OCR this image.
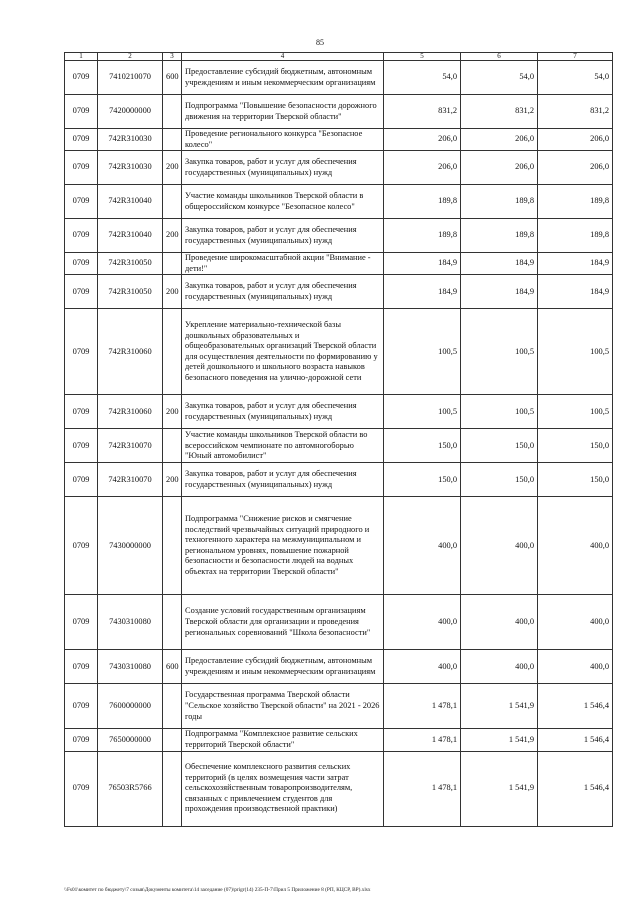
85
1	2	3	4	5	6	7
0709	7410210070	600	Предоставление субсидий бюджетным, автономным учреждениям и иным некоммерческим организациям	54,0	54,0	54,0
0709	7420000000		Подпрограмма "Повышение безопасности дорожного движения на территории Тверской области"	831,2	831,2	831,2
0709	742R310030		Проведение регионального конкурса "Безопасное колесо"	206,0	206,0	206,0
0709	742R310030	200	Закупка товаров, работ и услуг для обеспечения государственных (муниципальных) нужд	206,0	206,0	206,0
0709	742R310040		Участие команды школьников Тверской области в общероссийском конкурсе "Безопасное колесо"	189,8	189,8	189,8
0709	742R310040	200	Закупка товаров, работ и услуг для обеспечения государственных (муниципальных) нужд	189,8	189,8	189,8
0709	742R310050		Проведение широкомасштабной акции "Внимание - дети!"	184,9	184,9	184,9
0709	742R310050	200	Закупка товаров, работ и услуг для обеспечения государственных (муниципальных) нужд	184,9	184,9	184,9
0709	742R310060		Укрепление материально-технической базы дошкольных образовательных и общеобразовательных организаций Тверской области для осуществления деятельности по формированию у детей дошкольного и школьного возраста навыков безопасного поведения на улично-дорожной сети	100,5	100,5	100,5
0709	742R310060	200	Закупка товаров, работ и услуг для обеспечения государственных (муниципальных) нужд	100,5	100,5	100,5
0709	742R310070		Участие команды школьников Тверской области во всероссийском чемпионате по автомногоборью "Юный автомобилист"	150,0	150,0	150,0
0709	742R310070	200	Закупка товаров, работ и услуг для обеспечения государственных (муниципальных) нужд	150,0	150,0	150,0
0709	7430000000		Подпрограмма "Снижение рисков и смягчение последствий чрезвычайных ситуаций природного и техногенного характера на межмуниципальном и региональном уровнях, повышение пожарной безопасности и безопасности людей на водных объектах на территории Тверской области"	400,0	400,0	400,0
0709	7430310080		Создание условий государственным организациям Тверской области для организации и проведения региональных соревнований "Школа безопасности"	400,0	400,0	400,0
0709	7430310080	600	Предоставление субсидий бюджетным, автономным учреждениям и иным некоммерческим организациям	400,0	400,0	400,0
0709	7600000000		Государственная программа Тверской области "Сельское хозяйство Тверской области" на 2021 - 2026 годы	1 478,1	1 541,9	1 546,4
0709	7650000000		Подпрограмма "Комплексное развитие сельских территорий Тверской области"	1 478,1	1 541,9	1 546,4
0709	76503R5766		Обеспечение комплексного развития сельских территорий (в целях возмещения части затрат сельскохозяйственным товаропроизводителям, связанных с привлечением студентов для прохождения производственной практики)	1 478,1	1 541,9	1 546,4
\\Fs01\комитет по бюджету\7 созыв\Документы комитета\14 заседание (07)\prigr(14) 235-П-7\Прил 5 Приложение 8 (РП, КЦСР, ВР).xlsx
